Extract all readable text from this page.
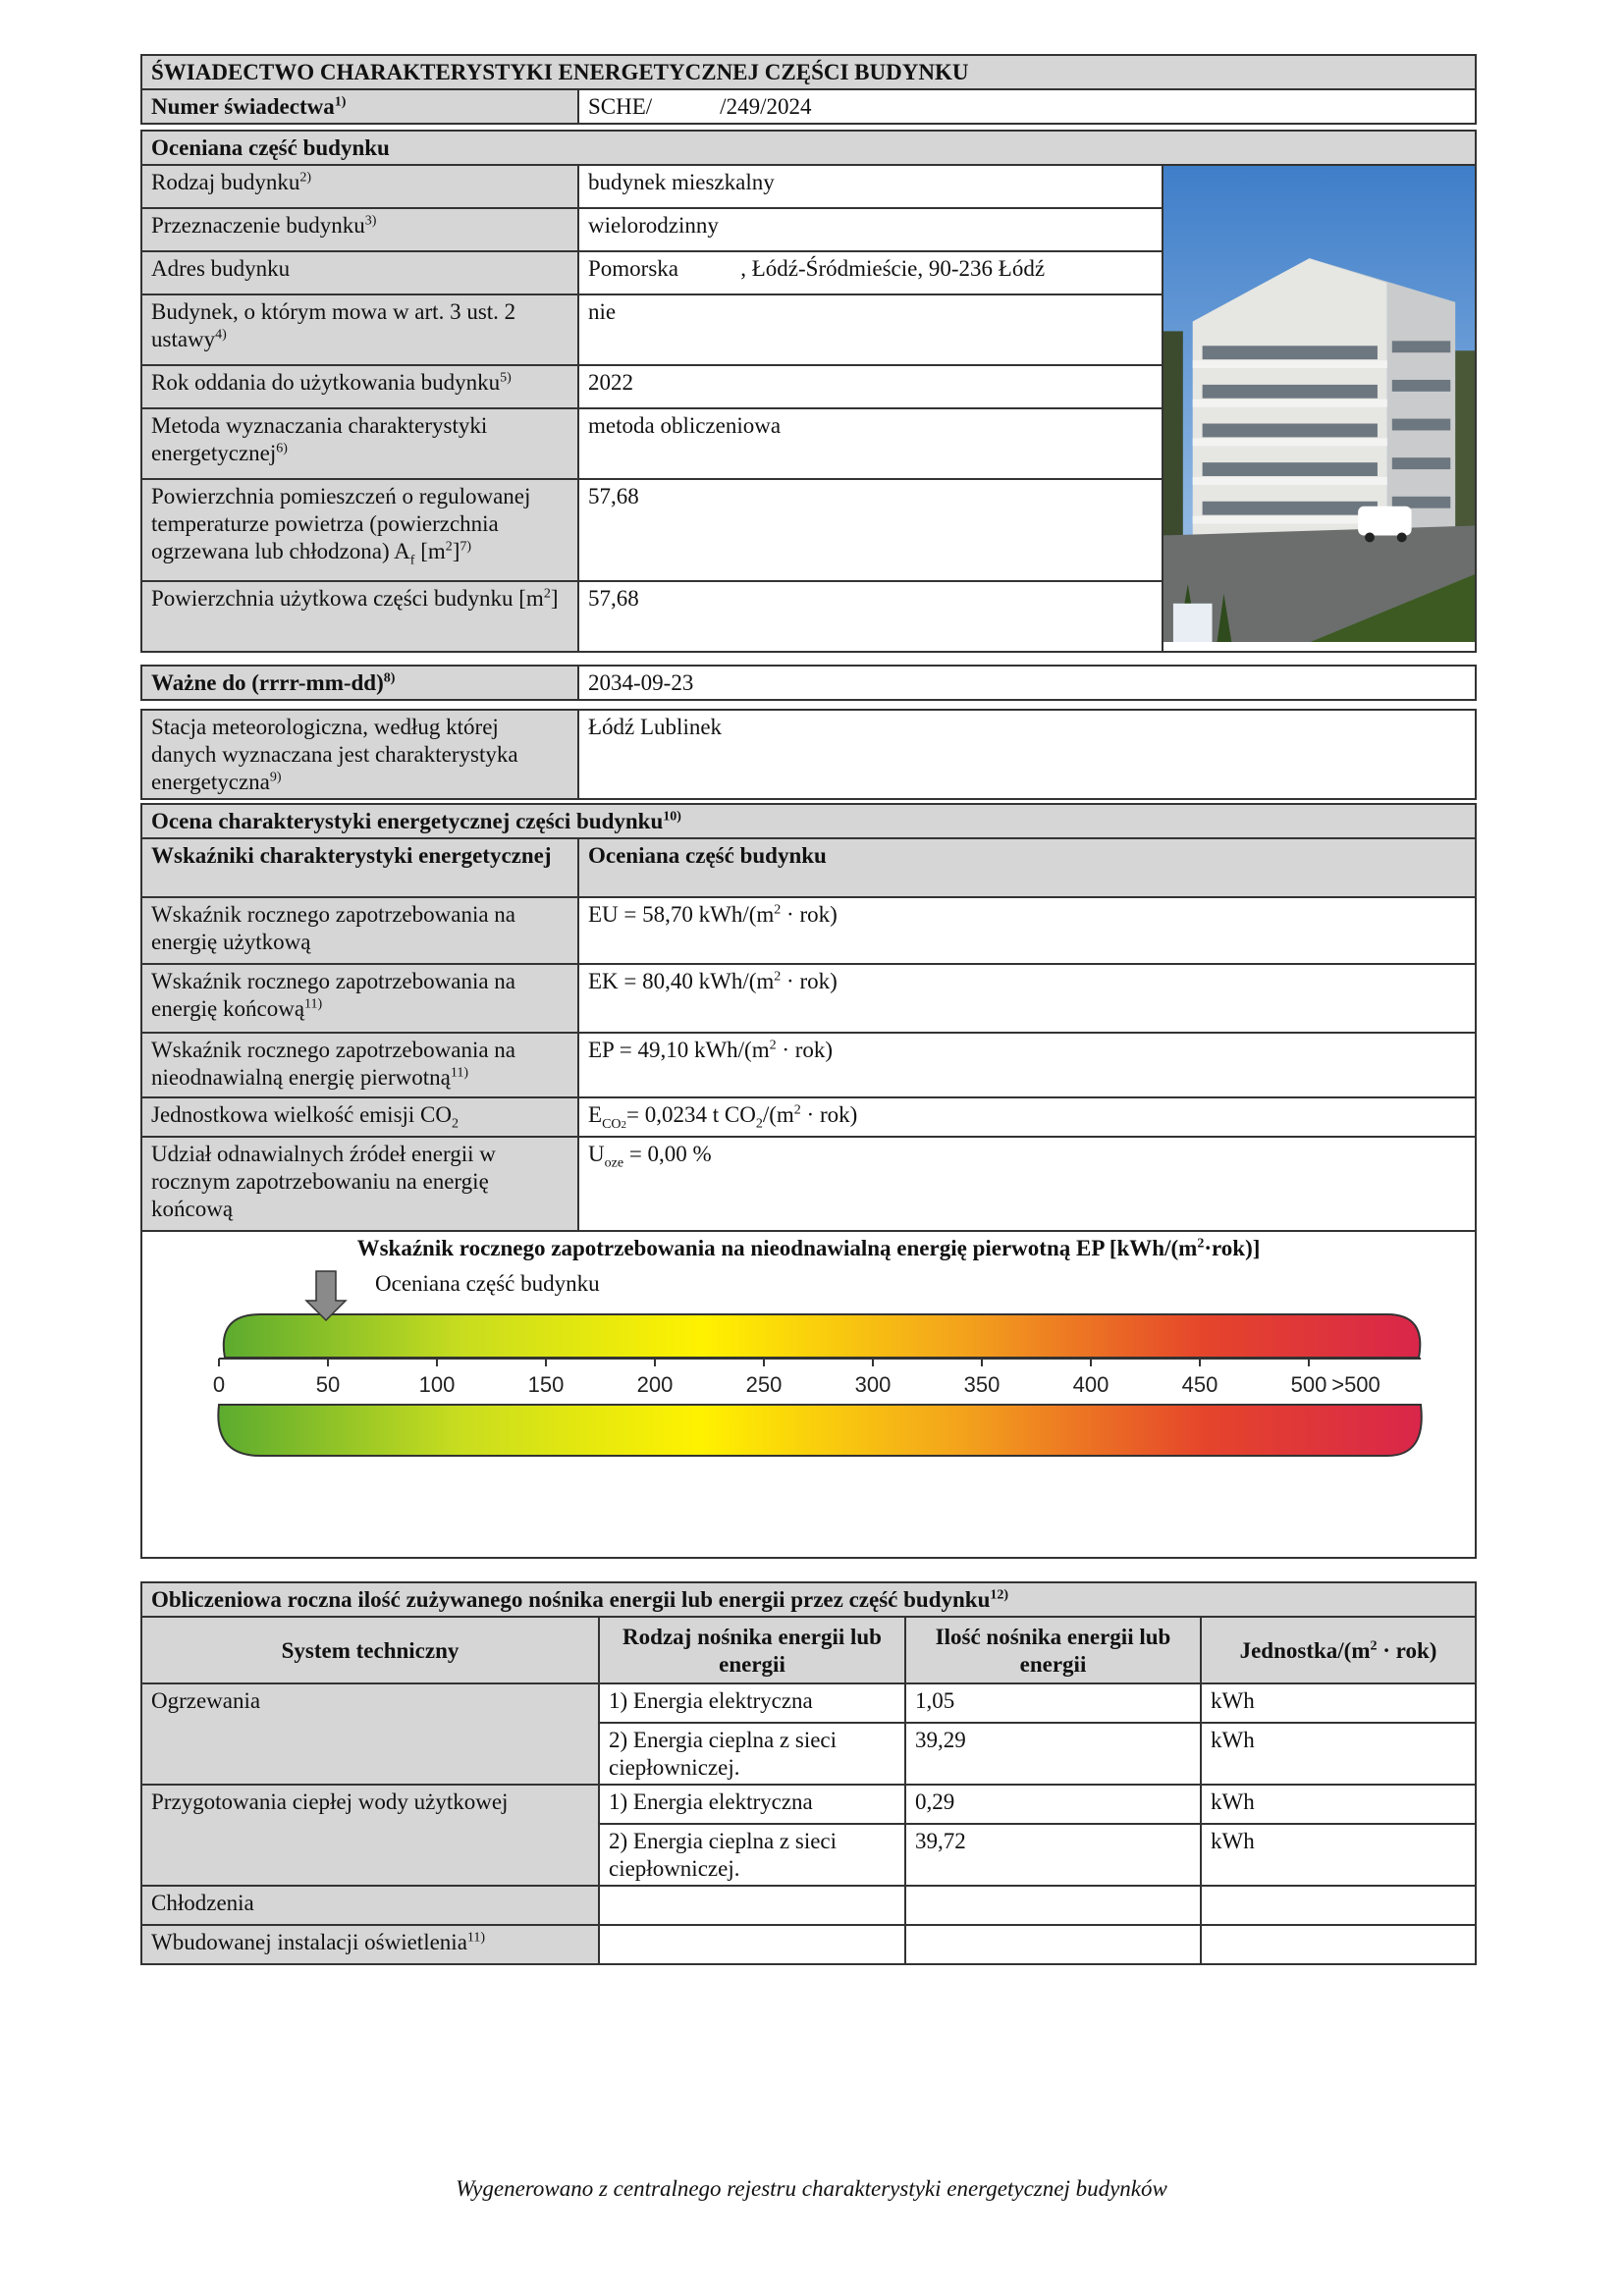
ŚWIADECTWO CHARAKTERYSTYKI ENERGETYCZNEJ CZĘŚCI BUDYNKU
Numer świadectwa$^{1)}$	SCHE/            /249/2024
Oceniana część budynku		
Rodzaj budynku$^{2)}$	budynek mieszkalny	

Przeznaczenie budynku$^{3)}$	wielorodzinny	
Adres budynku	Pomorska           , Łódź-Śródmieście, 90-236 Łódź	
Budynek, o którym mowa w art. 3 ust. 2 ustawy$^{4)}$	nie	
Rok oddania do użytkowania budynku$^{5)}$	2022	
Metoda wyznaczania charakterystyki energetycznej$^{6)}$	metoda obliczeniowa	
Powierzchnia pomieszczeń o regulowanej temperaturze powietrza (powierzchnia ogrzewana lub chłodzona) $A_f$ $[m^2]^{7)}$	57,68	
Powierzchnia użytkowa części budynku $[m^2]$	57,68	
Ważne do (rrrr-mm-dd)$^{8)}$	2034-09-23
Stacja meteorologiczna, według której danych wyznaczana jest charakterystyka energetyczna$^{9)}$	Łódź Lublinek
Ocena charakterystyki energetycznej części budynku$^{10)}$
Wskaźniki charakterystyki energetycznej	Oceniana część budynku
Wskaźnik rocznego zapotrzebowania na energię użytkową	EU = 58,70 kWh/$(m^2 \cdot rok)$
Wskaźnik rocznego zapotrzebowania na energię końcową$^{11)}$	EK = 80,40 kWh/$(m^2 \cdot rok)$
Wskaźnik rocznego zapotrzebowania na nieodnawialną energię pierwotną$^{11)}$	EP = 49,10 kWh/$(m^2 \cdot rok)$
Jednostkowa wielkość emisji $CO_2$	$E_{CO2}= 0,0234$ t $CO_2/(m^2 \cdot rok)$
Udział odnawialnych źródeł energii w rocznym zapotrzebowaniu na energię końcową	$U_{oze} = 0,00$ %
Wskaźnik rocznego zapotrzebowania na nieodnawialną energię pierwotną EP $[kWh/(m^2\cdot rok)]$
Oceniana część budynku
0	50	100	150	200	250	300	350	400	450	500 >500
Obliczeniowa roczna ilość zużywanego nośnika energii lub energii przez część budynku$^{12)}$
System techniczny	Rodzaj nośnika energii lub energii	Ilość nośnika energii lub energii	Jednostka/$(m^2 \cdot rok)$
Ogrzewania	1) Energia elektryczna	1,05	kWh
	2) Energia cieplna z sieci ciepłowniczej.	39,29	kWh
Przygotowania ciepłej wody użytkowej	1) Energia elektryczna	0,29	kWh
	2) Energia cieplna z sieci ciepłowniczej.	39,72	kWh
Chłodzenia			
Wbudowanej instalacji oświetlenia$^{11)}$			
Wygenerowano z centralnego rejestru charakterystyki energetycznej budynków
